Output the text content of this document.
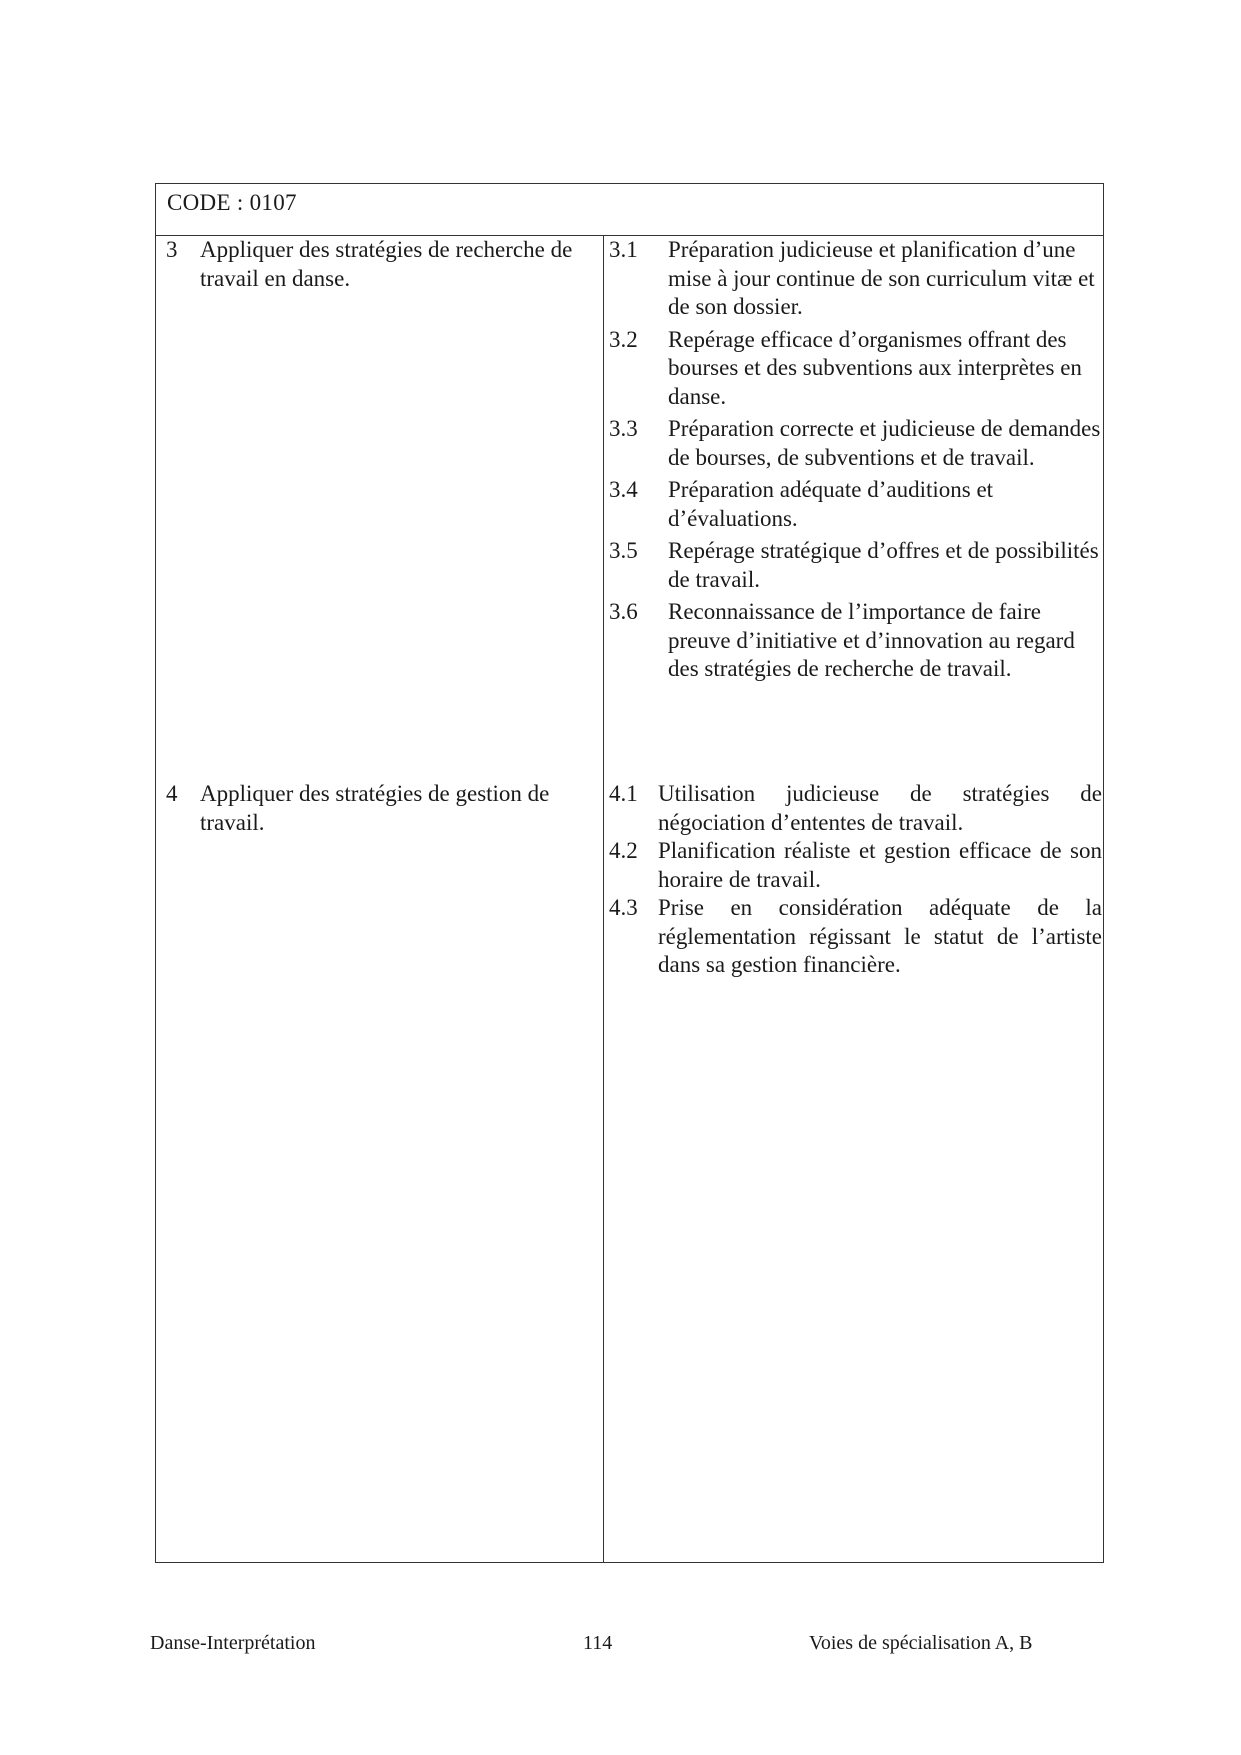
CODE : 0107
3 Appliquer des stratégies de recherche de travail en danse.
3.1 Préparation judicieuse et planification d’une mise à jour continue de son curriculum vitæ et de son dossier.
3.2 Repérage efficace d’organismes offrant des bourses et des subventions aux interprètes en danse.
3.3 Préparation correcte et judicieuse de demandes de bourses, de subventions et de travail.
3.4 Préparation adéquate d’auditions et d’évaluations.
3.5 Repérage stratégique d’offres et de possibilités de travail.
3.6 Reconnaissance de l’importance de faire preuve d’initiative et d’innovation au regard des stratégies de recherche de travail.
4 Appliquer des stratégies de gestion de travail.
4.1 Utilisation judicieuse de stratégies de négociation d’ententes de travail.
4.2 Planification réaliste et gestion efficace de son horaire de travail.
4.3 Prise en considération adéquate de la réglementation régissant le statut de l’artiste dans sa gestion financière.
Danse-Interprétation	114	Voies de spécialisation A, B
